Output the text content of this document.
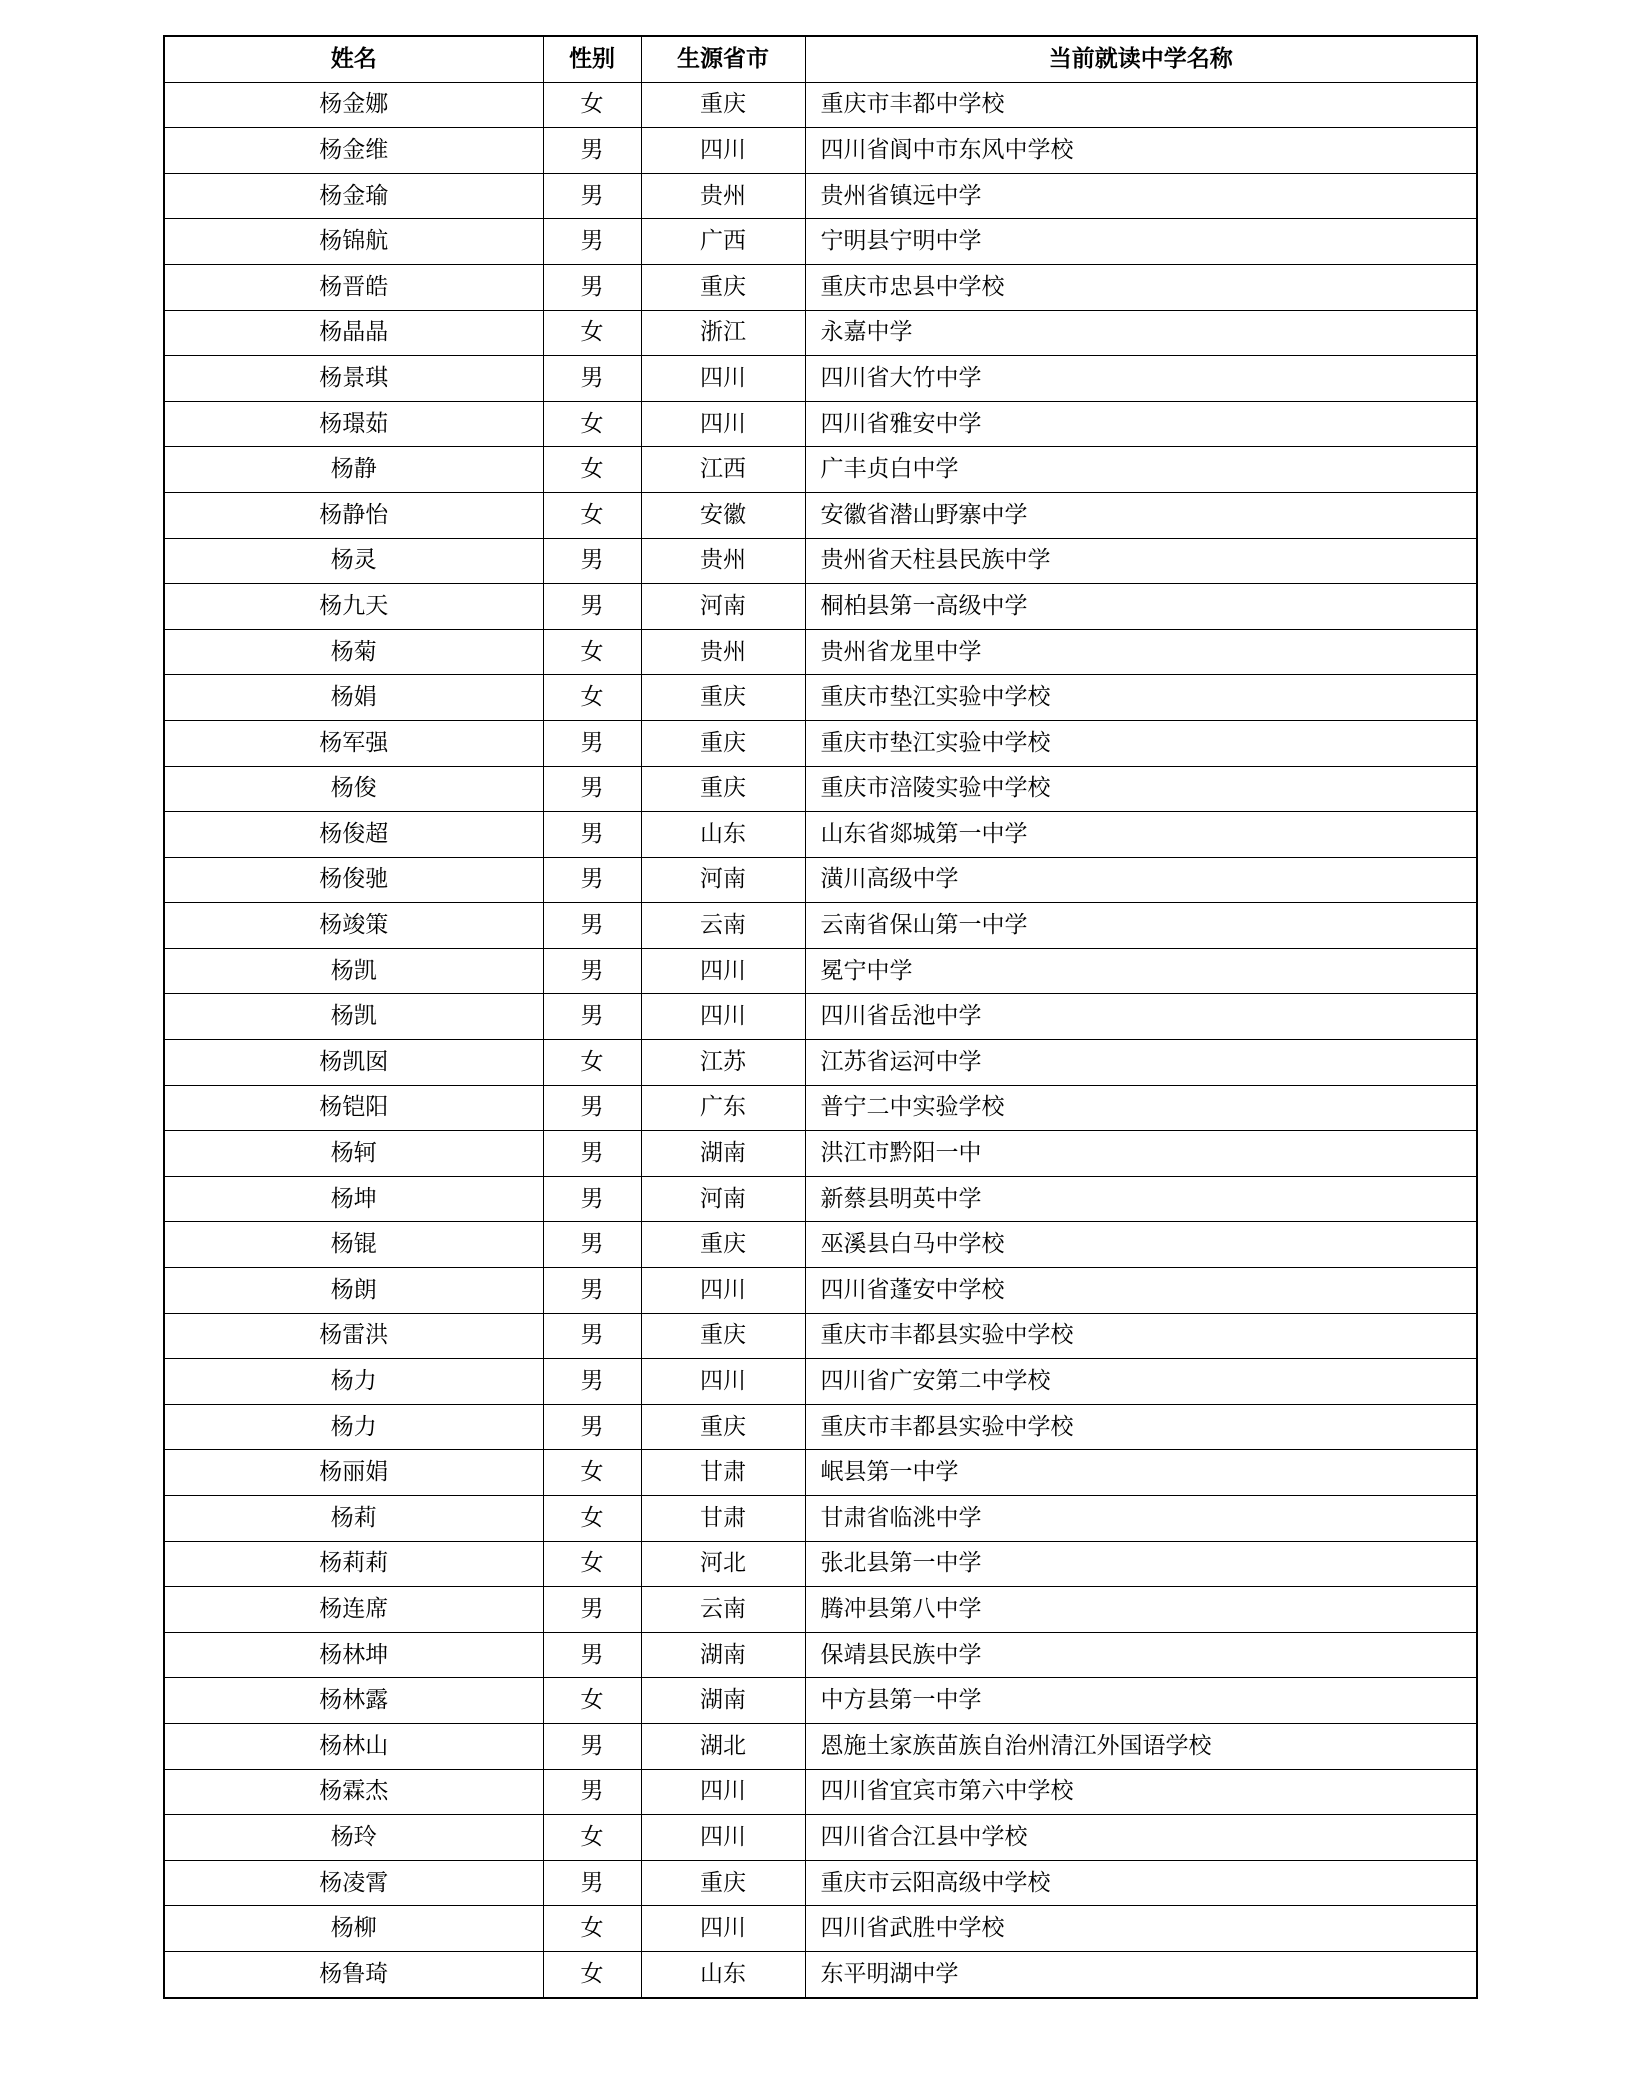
姓名	性别	生源省市	当前就读中学名称
杨金娜	女	重庆	重庆市丰都中学校
杨金维	男	四川	四川省阆中市东风中学校
杨金瑜	男	贵州	贵州省镇远中学
杨锦航	男	广西	宁明县宁明中学
杨晋皓	男	重庆	重庆市忠县中学校
杨晶晶	女	浙江	永嘉中学
杨景琪	男	四川	四川省大竹中学
杨璟茹	女	四川	四川省雅安中学
杨静	女	江西	广丰贞白中学
杨静怡	女	安徽	安徽省潜山野寨中学
杨灵	男	贵州	贵州省天柱县民族中学
杨九天	男	河南	桐柏县第一高级中学
杨菊	女	贵州	贵州省龙里中学
杨娟	女	重庆	重庆市垫江实验中学校
杨军强	男	重庆	重庆市垫江实验中学校
杨俊	男	重庆	重庆市涪陵实验中学校
杨俊超	男	山东	山东省郯城第一中学
杨俊驰	男	河南	潢川高级中学
杨竣策	男	云南	云南省保山第一中学
杨凯	男	四川	冕宁中学
杨凯	男	四川	四川省岳池中学
杨凯囡	女	江苏	江苏省运河中学
杨铠阳	男	广东	普宁二中实验学校
杨轲	男	湖南	洪江市黔阳一中
杨坤	男	河南	新蔡县明英中学
杨锟	男	重庆	巫溪县白马中学校
杨朗	男	四川	四川省蓬安中学校
杨雷洪	男	重庆	重庆市丰都县实验中学校
杨力	男	四川	四川省广安第二中学校
杨力	男	重庆	重庆市丰都县实验中学校
杨丽娟	女	甘肃	岷县第一中学
杨莉	女	甘肃	甘肃省临洮中学
杨莉莉	女	河北	张北县第一中学
杨连席	男	云南	腾冲县第八中学
杨林坤	男	湖南	保靖县民族中学
杨林露	女	湖南	中方县第一中学
杨林山	男	湖北	恩施土家族苗族自治州清江外国语学校
杨霖杰	男	四川	四川省宜宾市第六中学校
杨玲	女	四川	四川省合江县中学校
杨凌霄	男	重庆	重庆市云阳高级中学校
杨柳	女	四川	四川省武胜中学校
杨鲁琦	女	山东	东平明湖中学
